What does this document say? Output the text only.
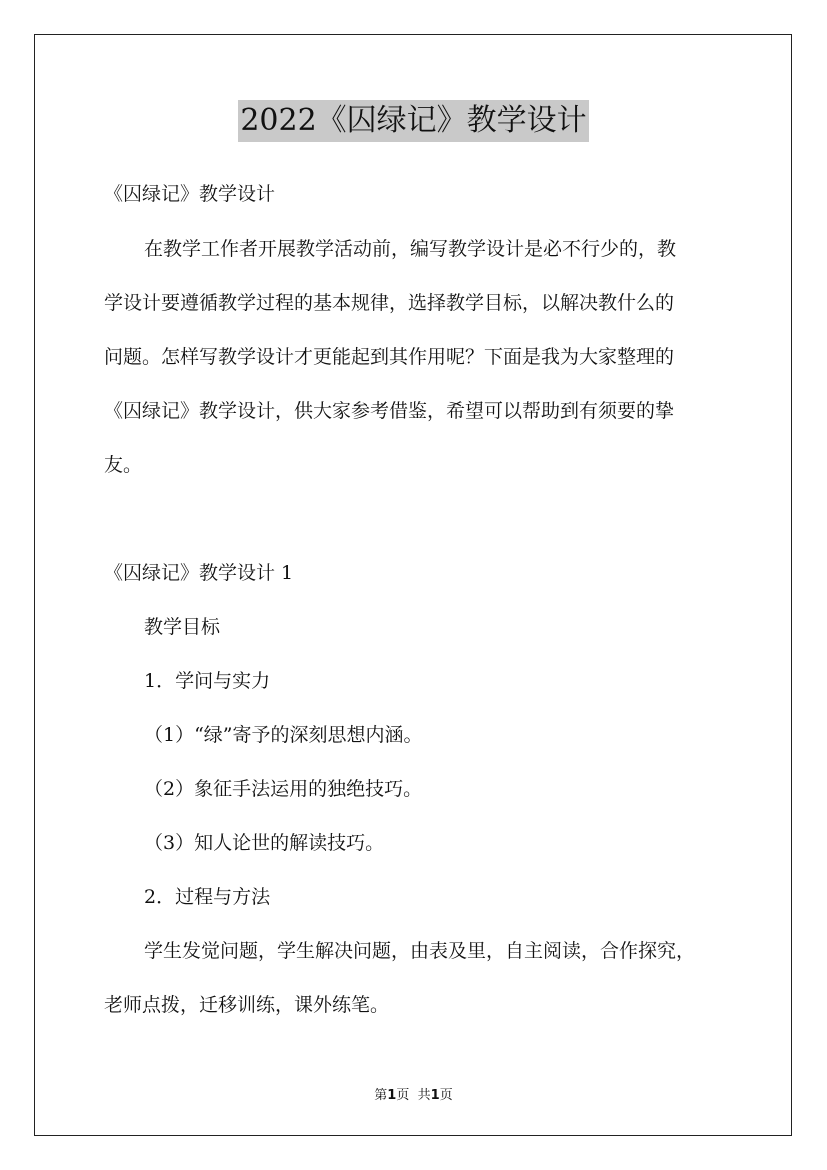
2022《囚绿记》教学设计

《囚绿记》教学设计

在教学工作者开展教学活动前，编写教学设计是必不行少的，教

学设计要遵循教学过程的基本规律，选择教学目标，以解决教什么的

问题。怎样写教学设计才更能起到其作用呢？下面是我为大家整理的

《囚绿记》教学设计，供大家参考借鉴，希望可以帮助到有须要的挚

友。

《囚绿记》教学设计 1

教学目标

1．学问与实力

（1）“绿”寄予的深刻思想内涵。

（2）象征手法运用的独绝技巧。

（3）知人论世的解读技巧。

2．过程与方法

学生发觉问题，学生解决问题，由表及里，自主阅读，合作探究，

老师点拨，迁移训练，课外练笔。

第1页 共1页
